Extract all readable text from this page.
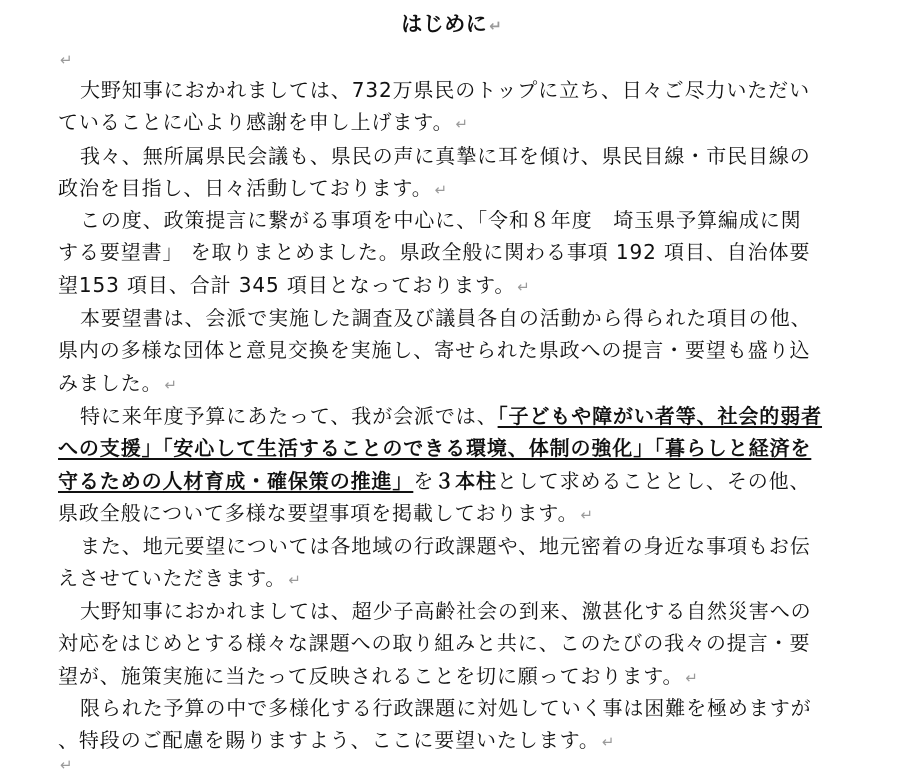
はじめに ↵
↵
大野知事におかれましては、732万県民のトップに立ち、日々ご尽力いただいていることに心より感謝を申し上げます。 ↵
我々、無所属県民会議も、県民の声に真摯に耳を傾け、県民目線・市民目線の政治を目指し、日々活動しております。 ↵
この度、政策提言に繋がる事項を中心に、「令和８年度　埼玉県予算編成に関する要望書」 を取りまとめました。県政全般に関わる事項 192 項目、自治体要望153 項目、合計 345 項目となっております。 ↵
本要望書は、会派で実施した調査及び議員各自の活動から得られた項目の他、県内の多様な団体と意見交換を実施し、寄せられた県政への提言・要望も盛り込みました。 ↵
特に来年度予算にあたって、我が会派では、「子どもや障がい者等、社会的弱者への支援」「安心して生活することのできる環境、体制の強化」「暮らしと経済を守るための人材育成・確保策の推進」を３本柱として求めることとし、その他、県政全般について多様な要望事項を掲載しております。 ↵
また、地元要望については各地域の行政課題や、地元密着の身近な事項もお伝えさせていただきます。 ↵
大野知事におかれましては、超少子高齢社会の到来、激甚化する自然災害への対応をはじめとする様々な課題への取り組みと共に、このたびの我々の提言・要望が、施策実施に当たって反映されることを切に願っております。 ↵
限られた予算の中で多様化する行政課題に対処していく事は困難を極めますが、特段のご配慮を賜りますよう、ここに要望いたします。 ↵
↵
